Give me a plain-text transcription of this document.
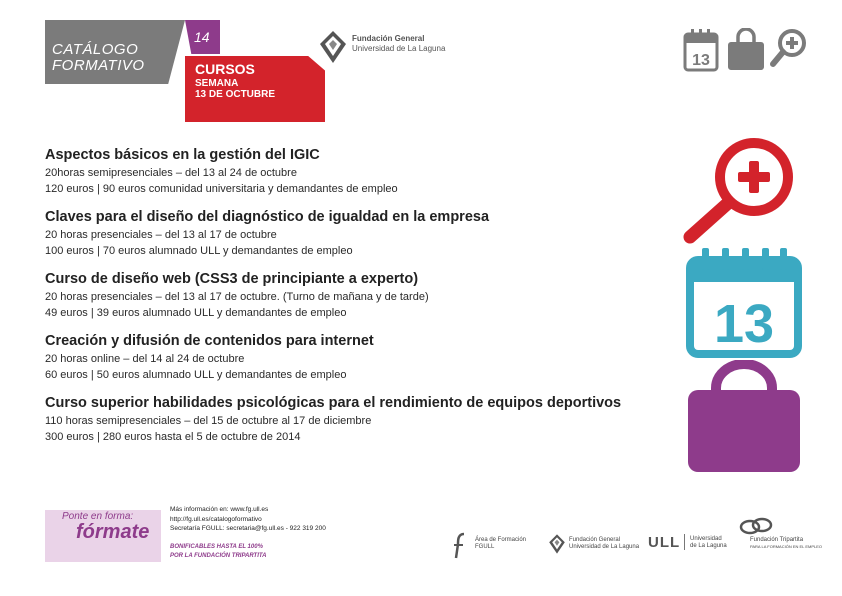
CATÁLOGO
FORMATIVO
14
CURSOS
SEMANA
13 DE OCTUBRE
Fundación General
Universidad de La Laguna
13
13
Aspectos básicos en la gestión del IGIC
20horas semipresenciales – del 13 al 24 de octubre
120 euros | 90 euros comunidad universitaria y demandantes de empleo
Claves para el diseño del diagnóstico de igualdad en la empresa
20 horas presenciales – del 13 al 17 de octubre
100 euros | 70 euros alumnado ULL y demandantes de empleo
Curso de diseño web (CSS3 de principiante a experto)
20 horas presenciales – del 13 al 17 de octubre. (Turno de mañana y de tarde)
49 euros | 39 euros alumnado ULL y demandantes de empleo
Creación y difusión de contenidos para internet
20 horas online – del 14 al 24 de octubre
60 euros | 50 euros alumnado ULL y demandantes de empleo
Curso superior habilidades psicológicas para el rendimiento de equipos deportivos
110 horas semipresenciales – del 15 de octubre al 17 de diciembre
300 euros | 280 euros hasta el 5 de octubre de 2014
Ponte en forma:
fórmate
Más información en: www.fg.ull.es
http://fg.ull.es/catalogoformativo
Secretaría FGULL: secretaria@fg.ull.es - 922 319 200
BONIFICABLES HASTA EL 100%
POR LA FUNDACIÓN TRIPARTITA
Área de Formación
FGULL
Fundación General
Universidad de La Laguna ULL Universidad
de La Laguna
Fundación Tripartita
PARA LA FORMACIÓN EN EL EMPLEO
